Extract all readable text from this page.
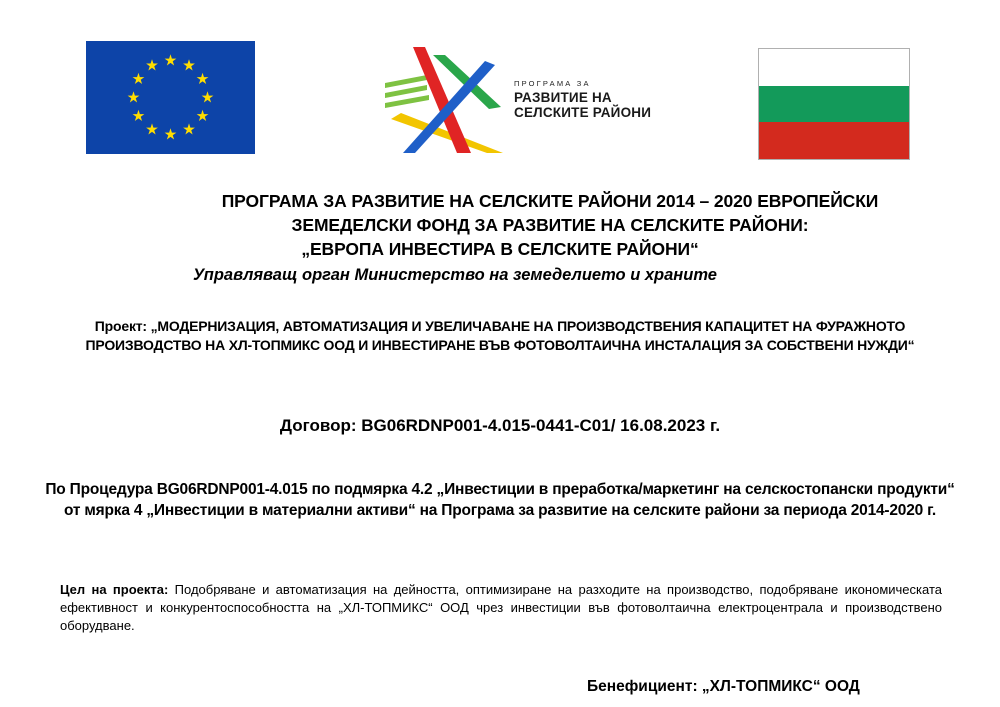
ПРОГРАМА ЗА
РАЗВИТИЕ НА
СЕЛСКИТЕ РАЙОНИ
ПРОГРАМА ЗА РАЗВИТИЕ НА СЕЛСКИТЕ РАЙОНИ 2014 – 2020 ЕВРОПЕЙСКИ
ЗЕМЕДЕЛСКИ ФОНД ЗА РАЗВИТИЕ НА СЕЛСКИТЕ РАЙОНИ:
„ЕВРОПА ИНВЕСТИРА В СЕЛСКИТЕ РАЙОНИ“
Управляващ орган Министерство на земеделието и храните
Проект: „МОДЕРНИЗАЦИЯ, АВТОМАТИЗАЦИЯ И УВЕЛИЧАВАНЕ НА ПРОИЗВОДСТВЕНИЯ КАПАЦИТЕТ НА ФУРАЖНОТО ПРОИЗВОДСТВО НА ХЛ-ТОПМИКС ООД И ИНВЕСТИРАНЕ ВЪВ ФОТОВОЛТАИЧНА ИНСТАЛАЦИЯ ЗА СОБСТВЕНИ НУЖДИ“
Договор: BG06RDNP001-4.015-0441-C01/ 16.08.2023 г.
По Процедура BG06RDNP001-4.015 по подмярка 4.2 „Инвестиции в преработка/маркетинг на селскостопански продукти“ от мярка 4 „Инвестиции в материални активи“ на Програма за развитие на селските райони за периода 2014-2020 г.
Цел на проекта: Подобряване и автоматизация на дейността, оптимизиране на разходите на производство, подобряване икономическата ефективност и конкурентоспособността на „ХЛ-ТОПМИКС“ ООД чрез инвестиции във фотоволтаична електроцентрала и производствено оборудване.
Бенефициент: „ХЛ-ТОПМИКС“ ООД
